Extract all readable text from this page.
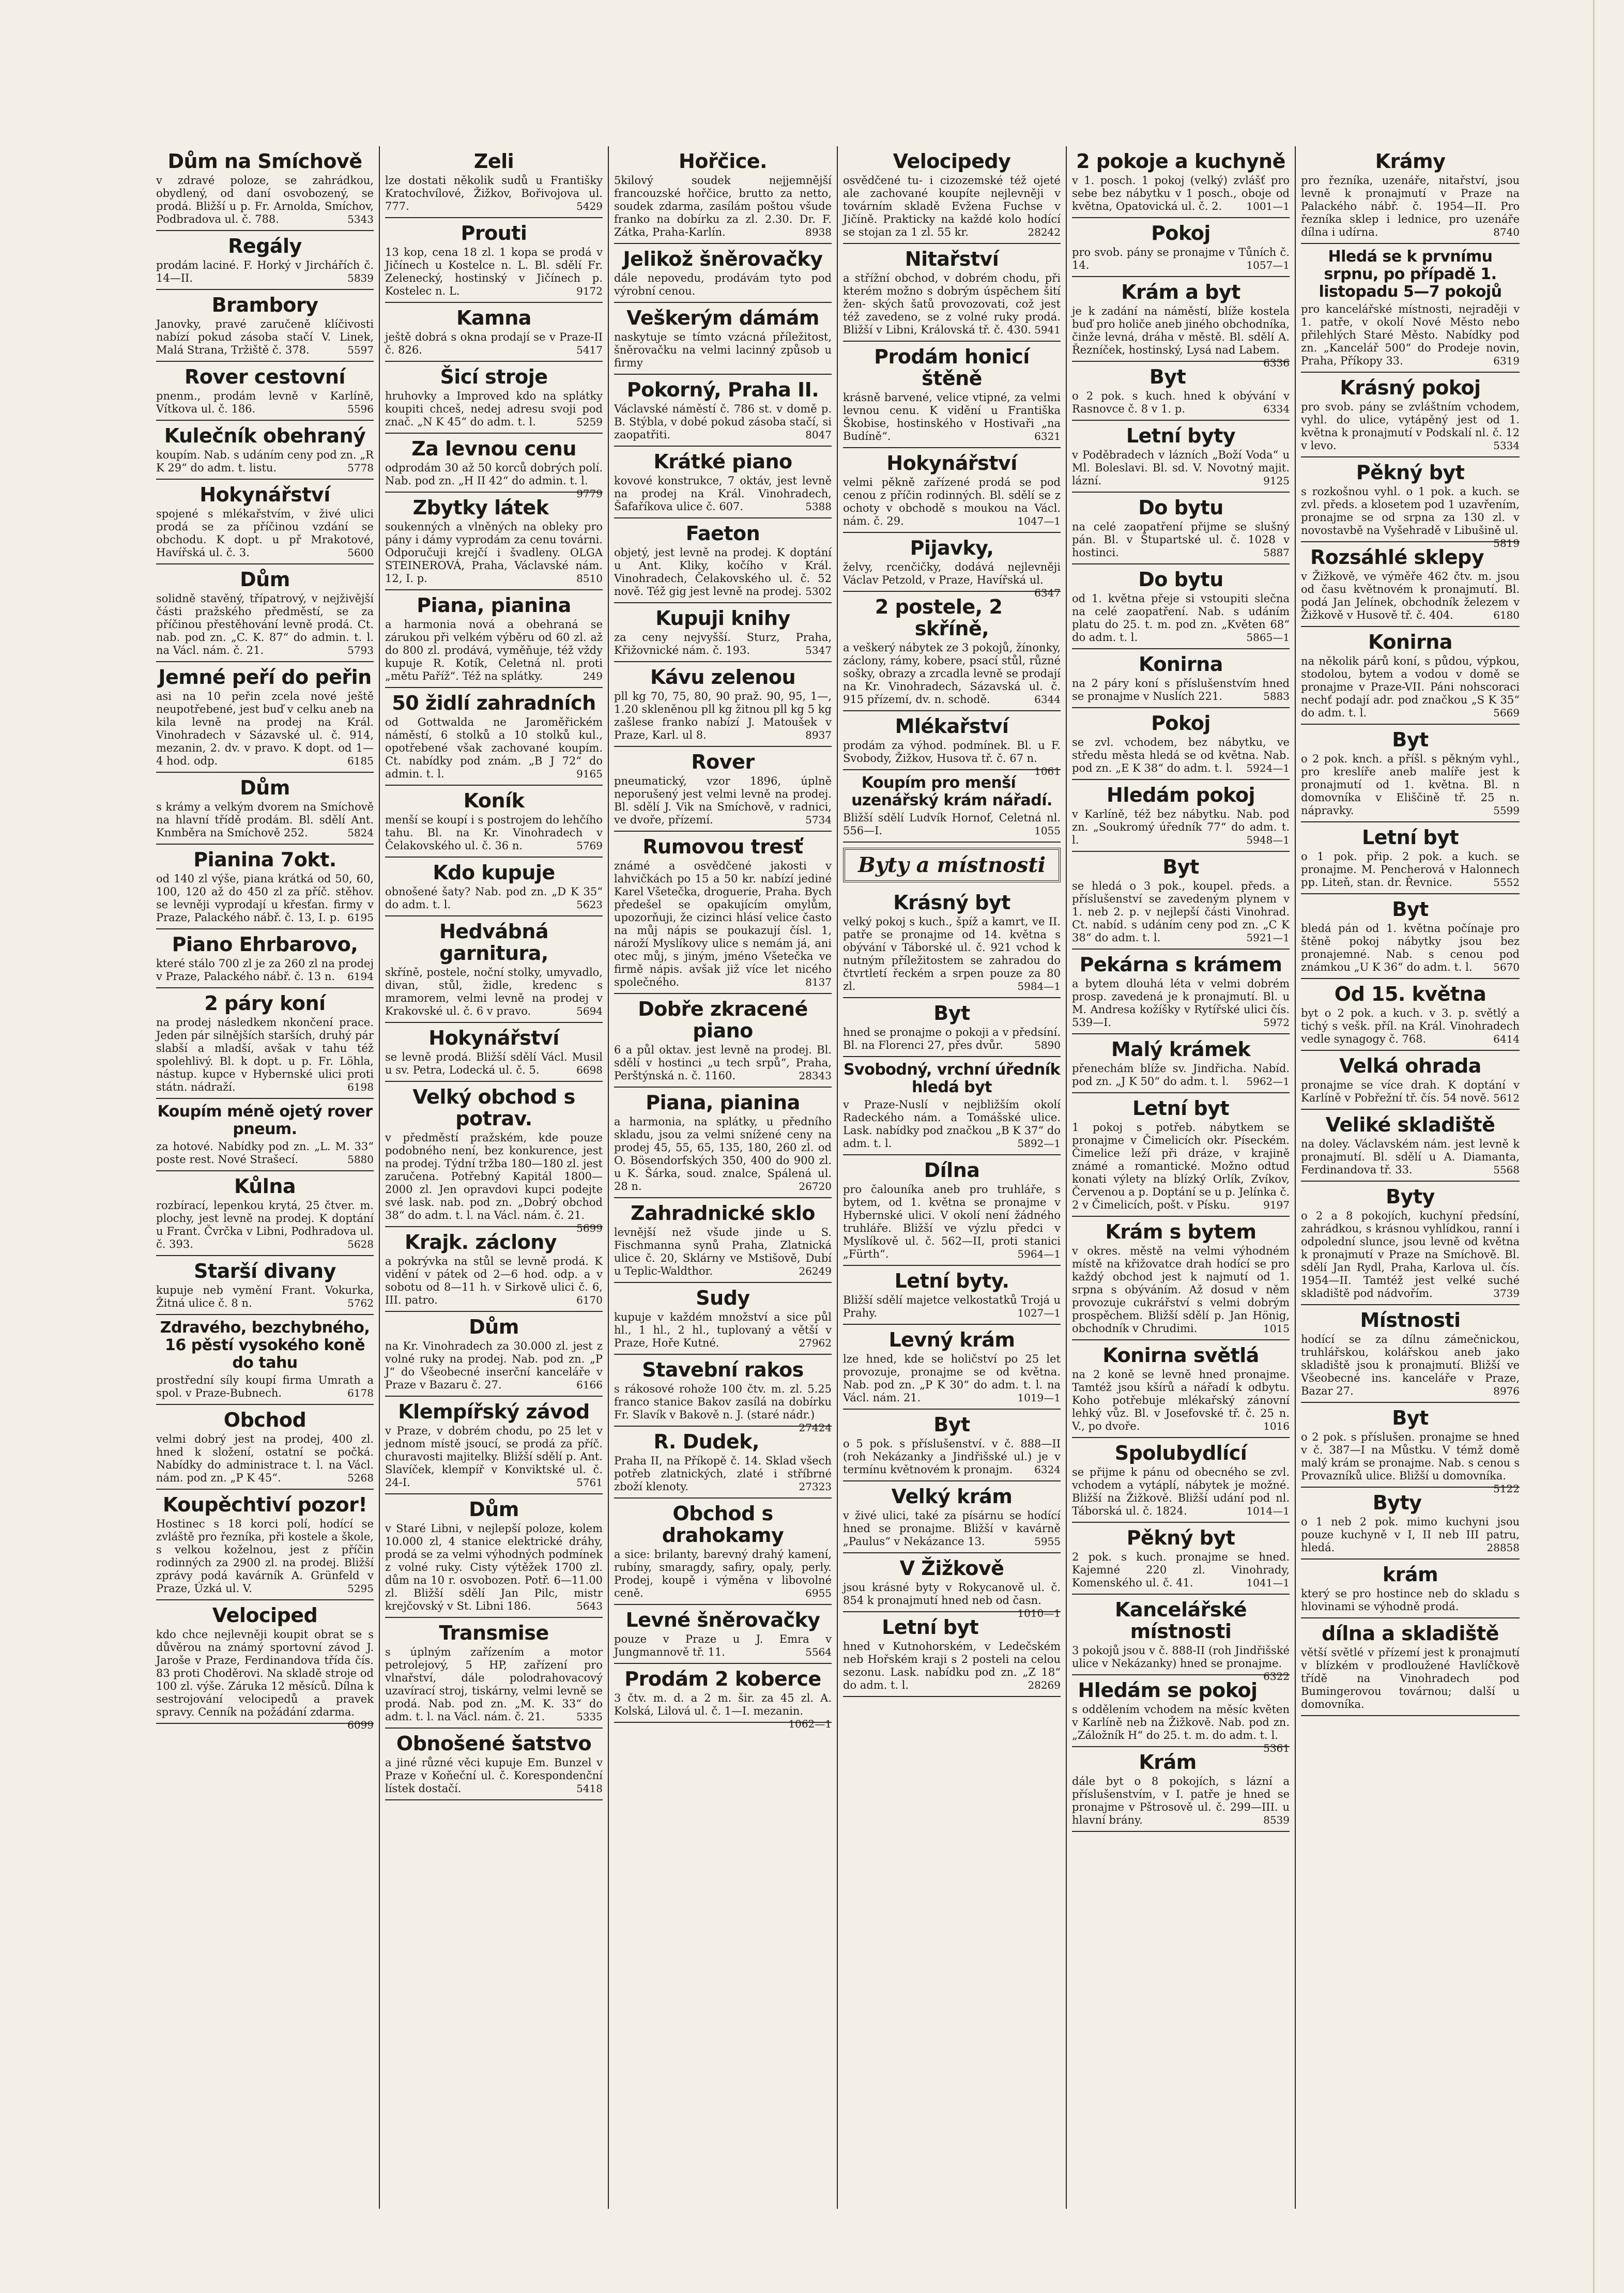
Dům na Smíchově
v zdravé poloze, se zahrádkou, obydlený, od daní osvobozený, se prodá. Bližší u p. Fr. Arnolda, Smíchov, Podbradova ul. č. 788.	5343
Regály
prodám laciné. F. Horký v Jirchářích č. 14—II.	5839
Brambory
Janovky, pravé zaručeně klíčivosti nabízí pokud zásoba stačí V. Linek, Malá Strana, Tržiště č. 378.	5597
Rover cestovní
pnenm., prodám levně v Karlíně, Vítkova ul. č. 186.	5596
Kulečník obehraný
koupím. Nab. s udáním ceny pod zn. „R K 29“ do adm. t. listu.	5778
Hokynářství
spojené s mlékařstvím, v živé ulici prodá se za příčinou vzdání se obchodu. K dopt. u př Mrakotové, Havířská ul. č. 3.	5600
Dům
solidně stavěný, třípatrový, v nejživější části pražského předměstí, se za příčinou přestěhování levně prodá. Ct. nab. pod zn. „C. K. 87“ do admin. t. l. na Václ. nám. č. 21.	5793
Jemné peří do peřin
asi na 10 peřin zcela nové ještě neupotřebené, jest buď v celku aneb na kila levně na prodej na Král. Vinohradech v Sázavské ul. č. 914, mezanin, 2. dv. v pravo. K dopt. od 1—4 hod. odp.	6185
Dům
s krámy a velkým dvorem na Smíchově na hlavní třídě prodám. Bl. sdělí Ant. Knmběra na Smíchově 252.	5824
Pianina 7okt.
od 140 zl výše, piana krátká od 50, 60, 100, 120 až do 450 zl za příč. stěhov. se levněji vyprodají u křesťan. firmy v Praze, Palackého nábř. č. 13, I. p. 6195
Piano Ehrbarovo,
které stálo 700 zl je za 260 zl na prodej v Praze, Palackého nábř. č. 13 n. 6194
2 páry koní
na prodej následkem nkončení prace. Jeden pár silnějších starších, druhý pár slabší a mladší, avšak v tahu též spolehlivý. Bl. k dopt. u p. Fr. Löhla, nástup. kupce v Hybernské ulici proti státn. nádraží.	6198
Koupím méně ojetý rover pneum.
za hotové. Nabídky pod zn. „L. M. 33“ poste rest. Nové Strašecí.	5880
Kůlna
rozbírací, lepenkou krytá, 25 čtver. m. plochy, jest levně na prodej. K doptání u Frant. Čvrčka v Libni, Podhradova ul. č. 393.	5628
Starší divany
kupuje neb vymění Frant. Vokurka, Žitná ulice č. 8 n.	5762
Zdravého, bezchybného, 16 pěstí vysokého koně do tahu
prostřední síly koupí firma Umrath a spol. v Praze-Bubnech.	6178
Obchod
velmi dobrý jest na prodej, 400 zl. hned k složení, ostatní se počká. Nabídky do administrace t. l. na Václ. nám. pod zn. „P K 45“.	5268
Koupěchtiví pozor!
Hostinec s 18 korci polí, hodící se zvláště pro řezníka, při kostele a škole, s velkou koželnou, jest z příčin rodinných za 2900 zl. na prodej. Bližší zprávy podá kavárník A. Grünfeld v Praze, Úzká ul. V.	5295
Velociped
kdo chce nejlevněji koupit obrat se s důvěrou na známý sportovní závod J. Jaroše v Praze, Ferdinandova třída čís. 83 proti Choděrovi. Na skladě stroje od 100 zl. výše. Záruka 12 měsíců. Dílna k sestrojování velocipedů a pravek spravy. Cenník na požádání zdarma.
6099
Zeli
lze dostati několik sudů u Františky Kratochvílové, Žižkov, Bořivojova ul. 777.	5429
Prouti
13 kop, cena 18 zl. 1 kopa se prodá v Jičínech u Kostelce n. L. Bl. sdělí Fr. Zelenecký, hostinský v Jičínech p. Kostelec n. L.	9172
Kamna
ještě dobrá s okna prodají se v Praze-II č. 826.	5417
Šicí stroje
hruhovky a Improved kdo na splátky koupiti chceš, nedej adresu svoji pod znač. „N K 45“ do adm. t. l.	5259
Za levnou cenu
odprodám 30 až 50 korců dobrých polí. Nab. pod zn. „H II 42“ do admin. t. l.
9779
Zbytky látek
soukenných a vlněných na obleky pro pány i dámy vyprodám za cenu továrni. Odporučuji krejčí i švadleny. OLGA STEINEROVÁ, Praha, Václavské nám. 12, I. p.	8510
Piana, pianina
a harmonia nová a obehraná se zárukou při velkém výběru od 60 zl. až do 800 zl. prodává, vyměňuje, též vždy kupuje R. Kotík, Celetná nl. proti „mětu Paříž“. Též na splátky.	249
50 židlí zahradních
od Gottwalda ne Jaroměřickém náměstí, 6 stolků a 10 stolků kul., opotřebené však zachované koupím. Ct. nabídky pod znám. „B J 72“ do admin. t. l.	9165
Koník
menší se koupí i s postrojem do lehčího tahu. Bl. na Kr. Vinohradech v Čelakovského ul. č. 36 n.	5769
Kdo kupuje
obnošené šaty? Nab. pod zn. „D K 35“ do adm. t. l.	5623
Hedvábná garnitura,
skříně, postele, noční stolky, umyvadlo, divan, stůl, židle, kredenc s mramorem, velmi levně na prodej v Krakovské ul. č. 6 v pravo.	5694
Hokynářství
se levně prodá. Bližší sdělí Václ. Musil u sv. Petra, Lodecká ul. č. 5.	6698
Velký obchod s potrav.
v předměstí pražském, kde pouze podobného není, bez konkurence, jest na prodej. Týdní tržba 180—180 zl. jest zaručena. Potřebný Kapitál 1800—2000 zl. Jen opravdovi kupci podejte své lask. nab. pod zn. „Dobrý obchod 38“ do adm. t. l. na Václ. nám. č. 21.
5699
Krajk. záclony
a pokrývka na stůl se levně prodá. K vidění v pátek od 2—6 hod. odp. a v sobotu od 8—11 h. v Sirkově ulici č. 6, III. patro.	6170
Dům
na Kr. Vinohradech za 30.000 zl. jest z volné ruky na prodej. Nab. pod zn. „P J“ do Všeobecné inserční kanceláře v Praze v Bazaru č. 27.	6166
Klempířský závod
v Praze, v dobrém chodu, po 25 let v jednom místě jsoucí, se prodá za příč. churavosti majitelky. Bližší sdělí p. Ant. Slavíček, klempíř v Konviktské ul. č. 24-I.	5761
Dům
v Staré Libni, v nejlepší poloze, kolem 10.000 zl, 4 stanice elektrické dráhy, prodá se za velmi výhodných podmínek z volné ruky. Cisty výtěžek 1700 zl. dům na 10 r. osvobozen. Potř. 6—11.00 zl. Bližší sdělí Jan Pilc, mistr krejčovský v St. Libni 186.	5643
Transmise
s úplným zařízením a motor petrolejový, 5 HP, zařízení pro vlnařství, dále polodrahovacový uzavírací stroj, tiskárny, velmi levně se prodá. Nab. pod zn. „M. K. 33“ do adm. t. l. na Václ. nám. č. 21.	5335
Obnošené šatstvo
a jiné různé věci kupuje Em. Bunzel v Praze v Koňeční ul. č. Korespondenční lístek dostačí.	5418
Hořčice.
5kilový soudek nejjemnější francouzské hořčice, brutto za netto, soudek zdarma, zasílám poštou všude franko na dobírku za zl. 2.30. Dr. F. Zátka, Praha-Karlín.	8938
Jelikož šněrovačky
dále nepovedu, prodávám tyto pod výrobní cenou.
Veškerým dámám
naskytuje se tímto vzácná příležitost, šněrovačku na velmi lacinný způsob u firmy
Pokorný, Praha II.
Václavské náměstí č. 786 st. v domě p. B. Stýbla, v dobé pokud zásoba stačí, si zaopatřiti.	8047
Krátké piano
kovové konstrukce, 7 oktáv, jest levně na prodej na Král. Vinohradech, Šafaříkova ulice č. 607.	5388
Faeton
objetý, jest levně na prodej. K doptání u Ant. Kliky, kočího v Král. Vinohradech, Čelakovského ul. č. 52 nově. Též gig jest levně na prodej. 5302
Kupuji knihy
za ceny nejvyšší. Sturz, Praha, Křižovnické nám. č. 193.	5347
Kávu zelenou
pll kg 70, 75, 80, 90 praž. 90, 95, 1—, 1.20 skleněnou pll kg žitnou pll kg 5 kg zašlese franko nabízí J. Matoušek v Praze, Karl. ul 8.	8937
Rover
pneumatický, vzor 1896, úplně neporušený jest velmi levně na prodej. Bl. sdělí J. Vik na Smíchově, v radnici, ve dvoře, přízemí.	5734
Rumovou tresť
známé a osvědčené jakosti v lahvičkách po 15 a 50 kr. nabízí jediné Karel Všetečka, droguerie, Praha. Bych předešel se opakujícím omylům, upozorňuji, že cizinci hlásí velice často na můj nápis se poukazují čísl. 1, nároží Myslíkovy ulice s nemám já, ani otec můj, s jiným, jméno Všetečka ve firmě nápis. avšak již více let nicého společného.	8137
Dobře zkracené piano
6 a půl oktav. jest levně na prodej. Bl. sdělí v hostinci „u tech srpů“, Praha, Perštýnská n. č. 1160.	28343
Piana, pianina
a harmonia, na splátky, u předního skladu, jsou za velmi snížené ceny na prodej 45, 55, 65, 135, 180, 260 zl. od O. Bösendorfských 350, 400 do 900 zl. u K. Šárka, soud. znalce, Spálená ul. 28 n.	26720
Zahradnické sklo
levnější než všude jinde u S. Fischmanna synů Praha, Zlatnická ulice č. 20, Sklárny ve Mstišově, Dubí u Teplic-Waldthor.	26249
Sudy
kupuje v každém množství a sice půl hl., 1 hl., 2 hl., tuplovaný a větší v Praze, Hoře Kutné.	27962
Stavební rakos
s rákosové rohože 100 čtv. m. zl. 5.25 franco stanice Bakov zasílá na dobírku Fr. Slavík v Bakově n. J. (staré nádr.)
27424
R. Dudek,
Praha II, na Příkopě č. 14. Sklad všech potřeb zlatnických, zlaté i stříbrné zboží klenoty.	27323
Obchod s drahokamy
a sice: brilanty, barevný drahý kamení, rubíny, smaragdy, safiry, opaly, perly. Prodej, koupě i výměna v libovolné ceně.	6955
Levné šněrovačky
pouze v Praze u J. Emra v Jungmannově tř. 11.	5564
Prodám 2 koberce
3 čtv. m. d. a 2 m. šir. za 45 zl. A. Kolská, Lilová ul. č. 1—I. mezanin.
1062—1
Velocipedy
osvědčené tu- i cizozemské též ojeté ale zachované koupíte nejlevněji v továrním skladě Evžena Fuchse v Jičíně. Prakticky na každé kolo hodící se stojan za 1 zl. 55 kr.	28242
Nitařství
a střížní obchod, v dobrém chodu, při kterém možno s dobrým úspěchem šití žen- ských šatů provozovati, což jest též zavedeno, se z volné ruky prodá. Bližší v Libni, Královská tř. č. 430. 5941
Prodám honicí štěně
krásně barvené, velice vtipné, za velmi levnou cenu. K vidění u Františka Škobise, hostinského v Hostivaři „na Budíně“.	6321
Hokynářství
velmi pěkně zařízené prodá se pod cenou z příčin rodinných. Bl. sdělí se z ochoty v obchodě s moukou na Václ. nám. č. 29.	1047—1
Pijavky,
želvy, rcenčičky, dodává nejlevněji Václav Petzold, v Praze, Havířská ul.
6347
2 postele, 2 skříně,
a veškerý nábytek ze 3 pokojů, žínonky, záclony, rámy, kobere, psací stůl, různé sošky, obrazy a zrcadla levně se prodají na Kr. Vinohradech, Sázavská ul. č. 915 přízemí, dv. n. schodě.	6344
Mlékařství
prodám za výhod. podmínek. Bl. u F. Svobody, Žižkov, Husova tř. č. 67 n.
1061
Koupím pro menší uzenářský krám nářadí.
Bližší sdělí Ludvík Hornof, Celetná nl. 556—I.	1055
Byty a místnosti
Krásný byt
velký pokoj s kuch., špíž a kamrt, ve II. patře se pronajme od 14. května s obývání v Táborské ul. č. 921 vchod k nutným příležitostem se zahradou do čtvrtletí řeckém a srpen pouze za 80 zl.	5984—1
Byt
hned se pronajme o pokoji a v předsíní. Bl. na Florenci 27, přes dvůr.	5890
Svobodný, vrchní úředník hledá byt
v Praze-Nuslí v nejbližším okolí Radeckého nám. a Tomášské ulice. Lask. nabídky pod značkou „B K 37“ do adm. t. l.	5892—1
Dílna
pro čalouníka aneb pro truhláře, s bytem, od 1. května se pronajme v Hybernské ulici. V okolí není žádného truhláře. Bližší ve výzlu předci v Myslíkově ul. č. 562—II, proti stanici „Fürth“.	5964—1
Letní byty.
Bližší sdělí majetce velkostatků Trojá u Prahy.	1027—1
Levný krám
lze hned, kde se holičství po 25 let provozuje, pronajme se od května. Nab. pod zn. „P K 30“ do adm. t. l. na Václ. nám. 21.	1019—1
Byt
o 5 pok. s příslušenství. v č. 888—II (roh Nekázanky a Jindřišské ul.) je v termínu květnovém k pronajm. 6324
Velký krám
v živé ulici, také za písárnu se hodící hned se pronajme. Bližší v kavárně „Paulus“ v Nekázance 13.	5955
V Žižkově
jsou krásné byty v Rokycanově ul. č. 854 k pronajmutí hned neb od časn.
1010—1
Letní byt
hned v Kutnohorském, v Ledečském neb Hořském kraji s 2 posteli na celou sezonu. Lask. nabídku pod zn. „Z 18“ do adm. t. l.	28269
2 pokoje a kuchyně
v 1. posch. 1 pokoj (velký) zvlášť pro sebe bez nábytku v 1 posch., oboje od května, Opatovická ul. č. 2. 1001—1
Pokoj
pro svob. pány se pronajme v Tůních č. 14.	1057—1
Krám a byt
je k zadání na náměstí, blíže kostela buď pro holiče aneb jiného obchodníka, činže levná, dráha v městě. Bl. sdělí A. Řezníček, hostinský, Lysá nad Labem.
6336
Byt
o 2 pok. s kuch. hned k obývání v Rasnovce č. 8 v 1. p.	6334
Letní byty
v Poděbradech v lázních „Boží Voda“ u Ml. Boleslavi. Bl. sd. V. Novotný majit. lázní.	9125
Do bytu
na celé zaopatření přijme se slušný pán. Bl. v Štupartské ul. č. 1028 v hostinci.	5887
Do bytu
od 1. května přeje si vstoupiti slečna na celé zaopatření. Nab. s udáním platu do 25. t. m. pod zn. „Květen 68“ do adm. t. l.	5865—1
Konirna
na 2 páry koní s příslušenstvím hned se pronajme v Nuslích 221.	5883
Pokoj
se zvl. vchodem, bez nábytku, ve středu města hledá se od května. Nab. pod zn. „E K 38“ do adm. t. l. 5924—1
Hledám pokoj
v Karlíně, též bez nábytku. Nab. pod zn. „Soukromý úředník 77“ do adm. t. l.	5948—1
Byt
se hledá o 3 pok., koupel. předs. a příslušenství se zavedeným plynem v 1. neb 2. p. v nejlepší části Vinohrad. Ct. nabíd. s udáním ceny pod zn. „C K 38“ do adm. t. l.	5921—1
Pekárna s krámem
a bytem dlouhá léta v velmi dobrém prosp. zavedená je k pronajmutí. Bl. u M. Andresa kožíšky v Rytířské ulici čís. 539—I.	5972
Malý krámek
přenechám blíže sv. Jindřicha. Nabíd. pod zn. „J K 50“ do adm. t. l. 5962—1
Letní byt
1 pokoj s potřeb. nábytkem se pronajme v Čimelicích okr. Píseckém. Čimelice leží při dráze, v krajině známé a romantické. Možno odtud konati výlety na blízký Orlík, Zvíkov, Červenou a p. Doptání se u p. Jelínka č. 2 v Čimelicích, pošt. v Písku.	9197
Krám s bytem
v okres. městě na velmi výhodném místě na křižovatce drah hodící se pro každý obchod jest k najmutí od 1. srpna s obýváním. Až dosud v něm provozuje cukrářství s velmi dobrým prospěchem. Bližší sdělí p. Jan Hönig, obchodník v Chrudimi.	1015
Konirna světlá
na 2 koně se levně hned pronajme. Tamtéž jsou kšírů a nářadí k odbytu. Koho potřebuje mlékařský zánovní lehký vůz. Bl. v Josefovské tř. č. 25 n. V., po dvoře.	1016
Spolubydlící
se přijme k pánu od obecného se zvl. vchodem a vytáplí, nábytek je možné. Bližší na Žižkově. Bližší udání pod nl. Táborská ul. č. 1824.	1014—1
Pěkný byt
2 pok. s kuch. pronajme se hned. Kajemné 220 zl. Vinohrady, Komenského ul. č. 41.	1041—1
Kancelářské místnosti
3 pokojů jsou v č. 888-II (roh Jindřišské ulice v Nekázanky) hned se pronajme.
6322
Hledám se pokoj
s oddělením vchodem na měsíc květen v Karlíně neb na Žižkově. Nab. pod zn. „Záložník H“ do 25. t. m. do adm. t. l.
5361
Krám
dále byt o 8 pokojích, s lázní a příslušenstvím, v I. patře je hned se pronajme v Pštrosově ul. č. 299—III. u hlavní brány.	8539
Krámy
pro řezníka, uzenáře, nitařství, jsou levně k pronajmutí v Praze na Palackého nábř. č. 1954—II. Pro řezníka sklep i lednice, pro uzenáře dílna i udírna.	8740
Hledá se k prvnímu srpnu, po případě 1. listopadu 5—7 pokojů
pro kancelářské místnosti, nejraději v 1. patře, v okolí Nové Město nebo přilehlých Staré Město. Nabídky pod zn. „Kancelář 500“ do Prodeje novin, Praha, Příkopy 33.	6319
Krásný pokoj
pro svob. pány se zvláštním vchodem, vyhl. do ulice, vytápěný jest od 1. května k pronajmutí v Podskalí nl. č. 12 v levo.	5334
Pěkný byt
s rozkošnou vyhl. o 1 pok. a kuch. se zvl. předs. a klosetem pod 1 uzavřením, pronajme se od srpna za 130 zl. v novostavbě na Vyšehradě v Libušině ul.
5819
Rozsáhlé sklepy
v Žižkově, ve výměře 462 čtv. m. jsou od času květnovém k pronajmutí. Bl. podá Jan Jelínek, obchodník železem v Žižkově v Husově tř. č. 404.	6180
Konirna
na několik párů koní, s půdou, výpkou, stodolou, bytem a vodou v domě se pronajme v Praze-VII. Páni nohscoraci nechť podají adr. pod značkou „S K 35“ do adm. t. l.	5669
Byt
o 2 pok. knch. a příšl. s pěkným vyhl., pro kreslíře aneb malíře jest k pronajmutí od 1. května. Bl. n domovníka v Eliščině tř. 25 n. nápravky.	5599
Letní byt
o 1 pok. přip. 2 pok. a kuch. se pronajme. M. Pencherová v Halonnech pp. Liteň, stan. dr. Řevnice.	5552
Byt
bledá pán od 1. května počínaje pro štěně pokoj nábytky jsou bez pronajemné. Nab. s cenou pod známkou „U K 36“ do adm. t. l. 5670
Od 15. května
byt o 2 pok. a kuch. v 3. p. světlý a tichý s vešk. příl. na Král. Vinohradech vedle synagogy č. 768.	6414
Velká ohrada
pronajme se více drah. K doptání v Karlíně v Pobřežní tř. čís. 54 nově. 5612
Veliké skladiště
na doley. Václavském nám. jest levně k pronajmutí. Bl. sdělí u A. Diamanta, Ferdinandova tř. 33.	5568
Byty
o 2 a 8 pokojích, kuchyní předsíní, zahrádkou, s krásnou vyhlídkou, ranní i odpolední slunce, jsou levně od května k pronajmutí v Praze na Smíchově. Bl. sdělí Jan Rydl, Praha, Karlova ul. čís. 1954—II. Tamtéž jest velké suché skladiště pod nádvořím.	3739
Místnosti
hodící se za dílnu zámečnickou, truhlářskou, kolářskou aneb jako skladiště jsou k pronajmutí. Bližší ve Všeobecné ins. kanceláře v Praze, Bazar 27.	8976
Byt
o 2 pok. s příslušen. pronajme se hned v č. 387—I na Můstku. V témž domě malý krám se pronajme. Nab. s cenou s Provazníků ulice. Bližší u domovníka.
5122
Byty
o 1 neb 2 pok. mimo kuchyni jsou pouze kuchyně v I, II neb III patru, hledá.	28858
krám
který se pro hostince neb do skladu s hlovinami se výhodně prodá.
dílna a skladiště
větší světlé v přízemí jest k pronajmutí v blízkém v prodloužené Havlíčkově třídě na Vinohradech pod Bumingerovou továrnou; další u domovníka.
